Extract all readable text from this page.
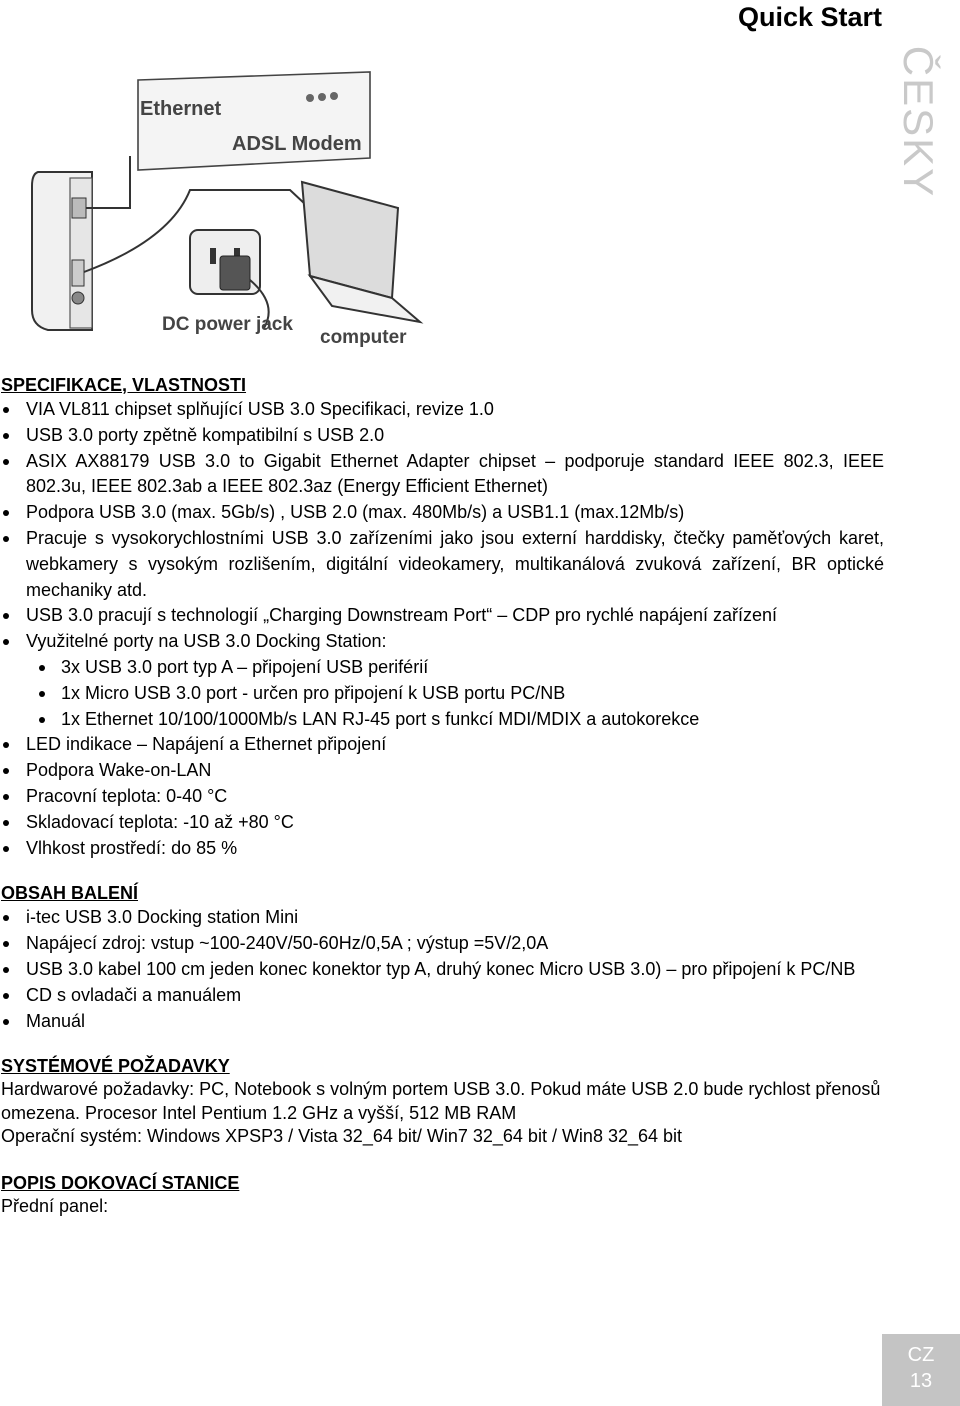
Quick Start
ČESKY
Ethernet
ADSL Modem
DC power jack
computer
SPECIFIKACE, VLASTNOSTI
VIA VL811 chipset splňující USB 3.0 Specifikaci, revize 1.0
USB 3.0 porty zpětně kompatibilní s USB 2.0
ASIX AX88179 USB 3.0 to Gigabit Ethernet Adapter chipset – podporuje standard IEEE 802.3, IEEE 802.3u, IEEE 802.3ab a IEEE 802.3az (Energy Efficient Ethernet)
Podpora USB 3.0 (max. 5Gb/s) , USB 2.0 (max. 480Mb/s) a USB1.1 (max.12Mb/s)
Pracuje s vysokorychlostními USB 3.0 zařízeními jako jsou externí harddisky, čtečky paměťových karet, webkamery s vysokým rozlišením, digitální videokamery, multikanálová zvuková zařízení, BR optické mechaniky atd.
USB 3.0 pracují s technologií „Charging Downstream Port“ – CDP pro rychlé napájení zařízení
Využitelné porty na USB 3.0 Docking Station:
3x USB 3.0 port typ A – připojení USB periférií
1x Micro USB 3.0 port - určen pro připojení k USB portu PC/NB
1x Ethernet 10/100/1000Mb/s LAN RJ-45 port s funkcí MDI/MDIX a autokorekce
LED indikace – Napájení a Ethernet připojení
Podpora Wake-on-LAN
Pracovní teplota: 0-40 °C
Skladovací teplota: -10 až +80 °C
Vlhkost prostředí: do 85 %
OBSAH BALENÍ
i-tec USB 3.0 Docking station Mini
Napájecí zdroj: vstup ~100-240V/50-60Hz/0,5A ; výstup =5V/2,0A
USB 3.0 kabel 100 cm jeden konec konektor typ A, druhý konec Micro USB 3.0) – pro připojení k PC/NB
CD s ovladači a manuálem
Manuál
SYSTÉMOVÉ POŽADAVKY

Hardwarové požadavky: PC, Notebook s volným portem USB 3.0. Pokud máte USB 2.0 bude rychlost přenosů omezena. Procesor Intel Pentium 1.2 GHz a vyšší, 512 MB RAM

Operační systém: Windows XPSP3 / Vista 32_64 bit/ Win7 32_64 bit / Win8 32_64 bit

POPIS DOKOVACÍ STANICE

Přední panel:

CZ
13
